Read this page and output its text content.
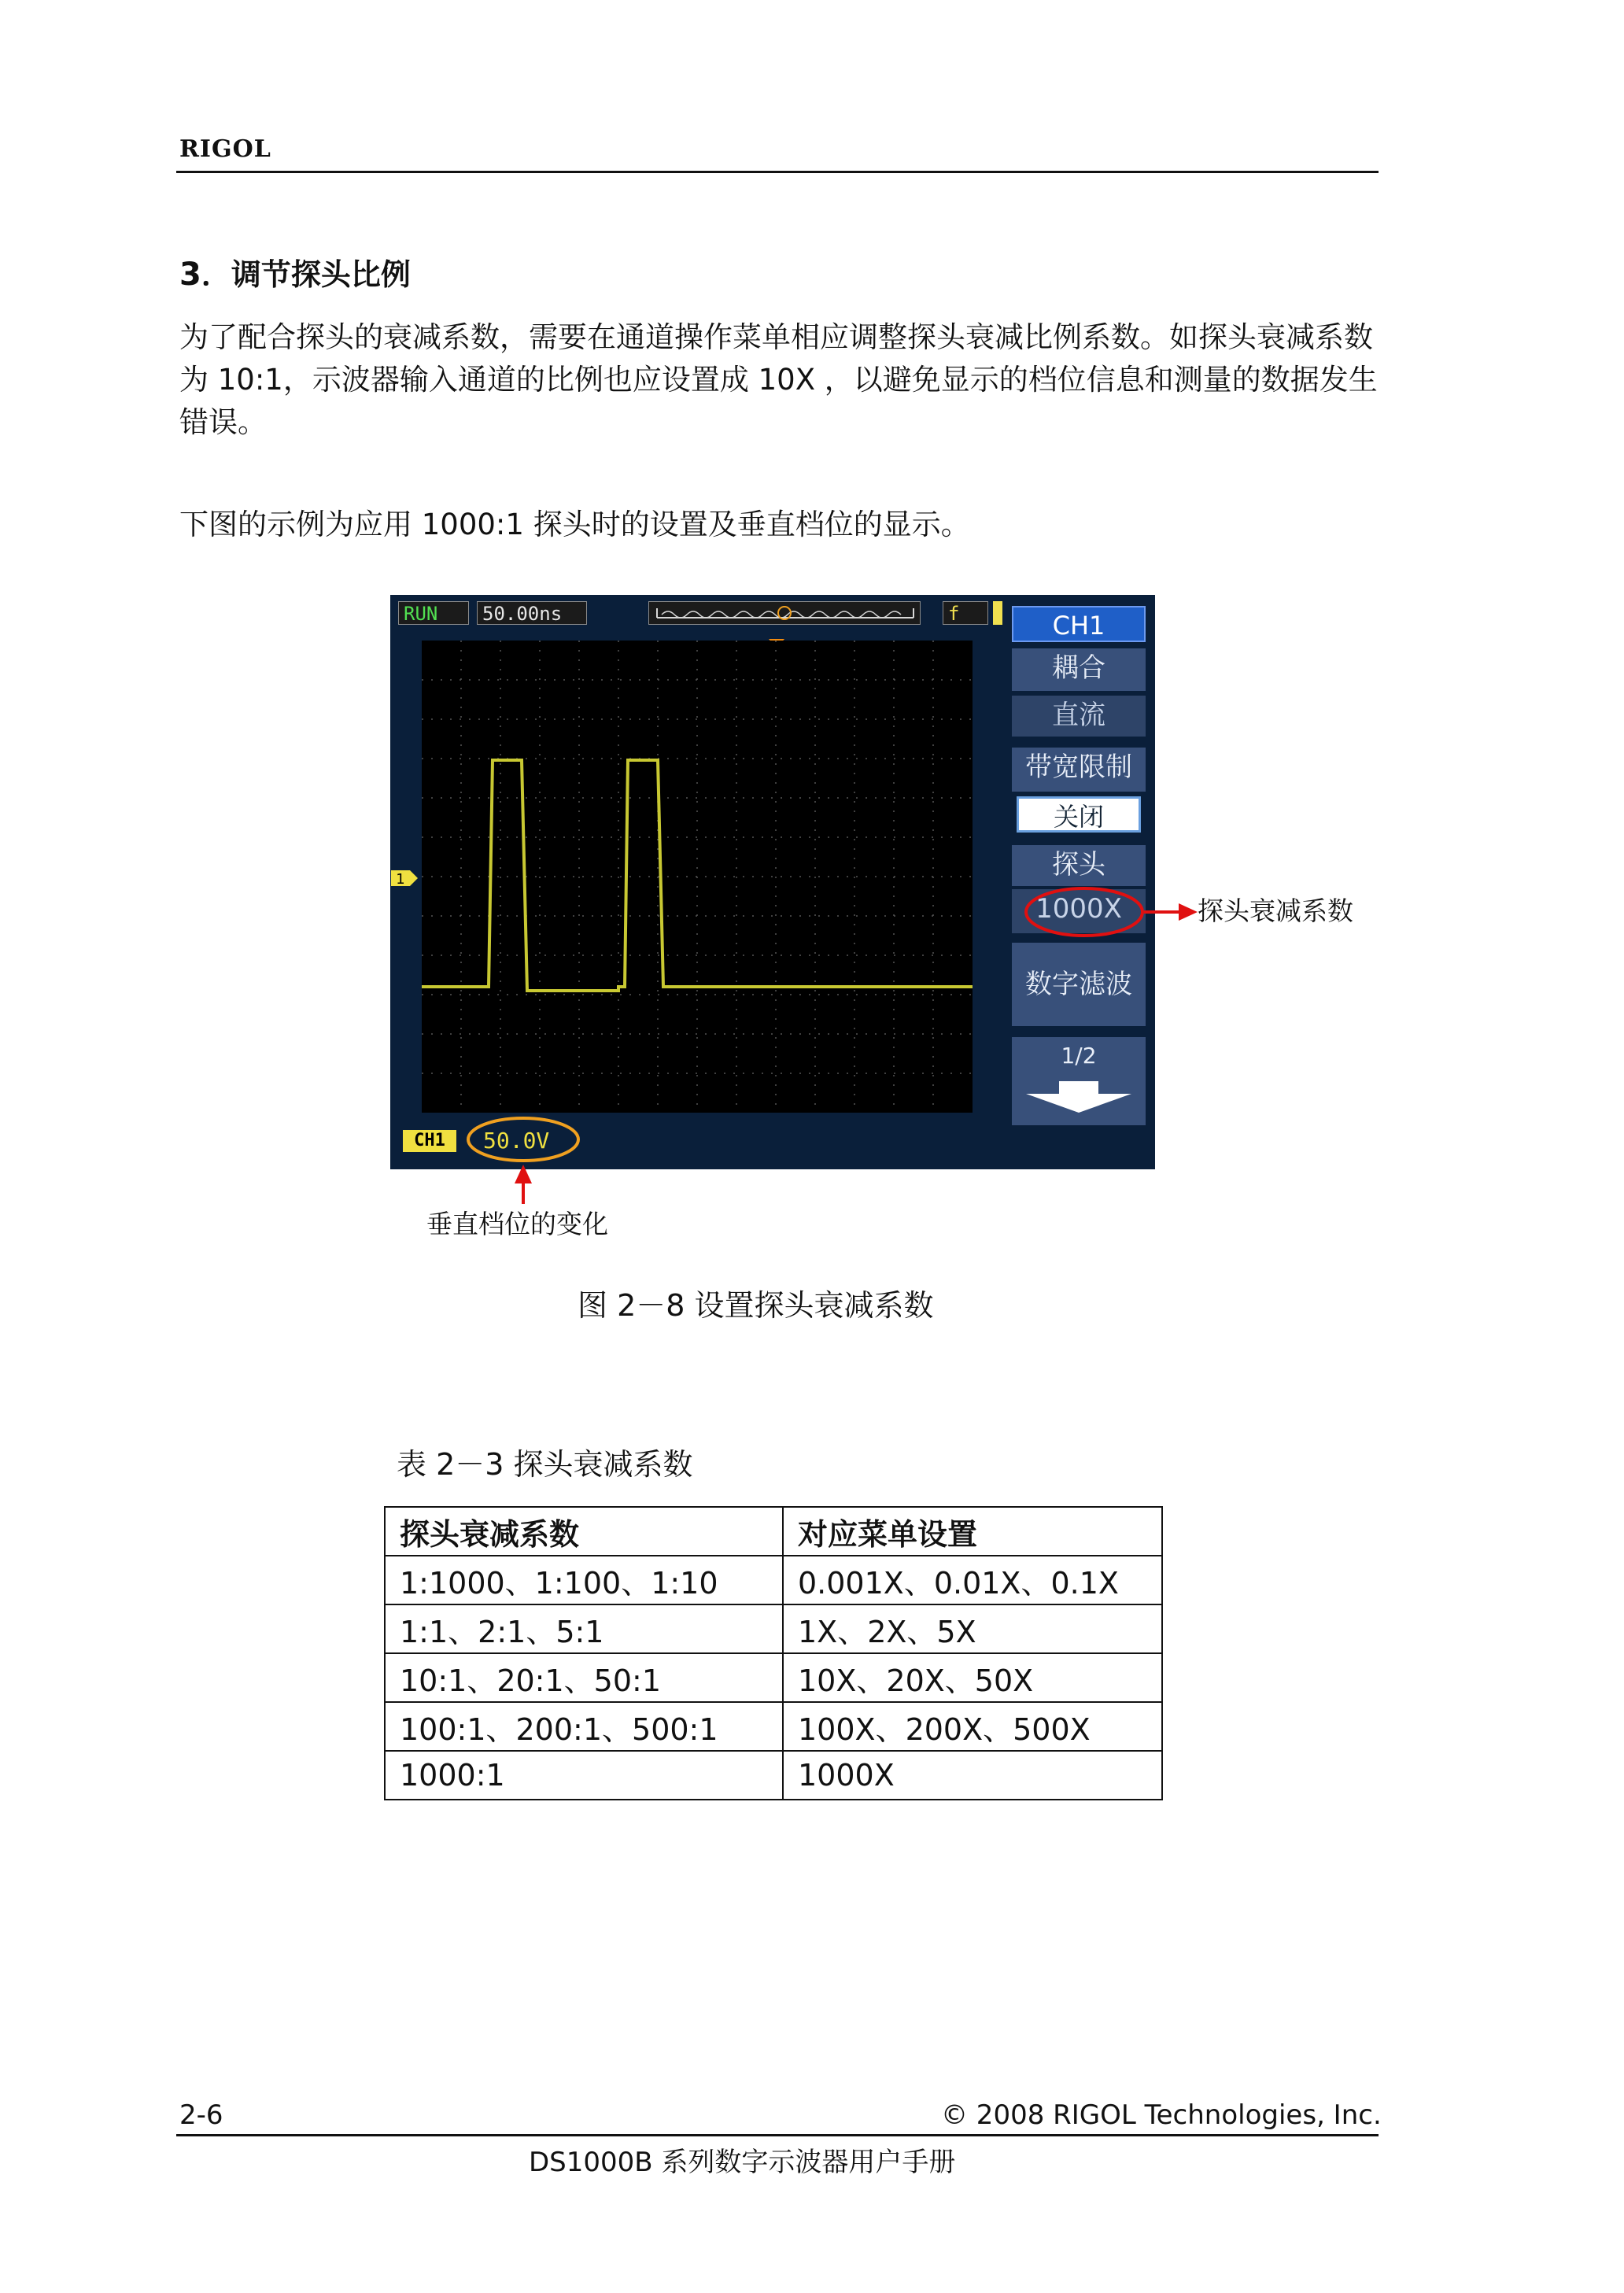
RIGOL
3．调节探头比例
为了配合探头的衰减系数，需要在通道操作菜单相应调整探头衰减比例系数。如探头衰减系数为 10:1，示波器输入通道的比例也应设置成 10X ，以避免显示的档位信息和测量的数据发生错误。
下图的示例为应用 1000:1 探头时的设置及垂直档位的显示。
RUN	50.00ns	f
1
CH1
耦合
直流
带宽限制
关闭
探头
1000X
数字滤波
1/2
CH1	50.0V
探头衰减系数
垂直档位的变化
图 2－8 设置探头衰减系数
表 2－3 探头衰减系数
探头衰减系数	对应菜单设置
1:1000、1:100、1:10	0.001X、0.01X、0.1X
1:1、2:1、5:1	1X、2X、5X
10:1、20:1、50:1	10X、20X、50X
100:1、200:1、500:1	100X、200X、500X
1000:1	1000X
2-6	© 2008 RIGOL Technologies, Inc.
DS1000B 系列数字示波器用户手册
